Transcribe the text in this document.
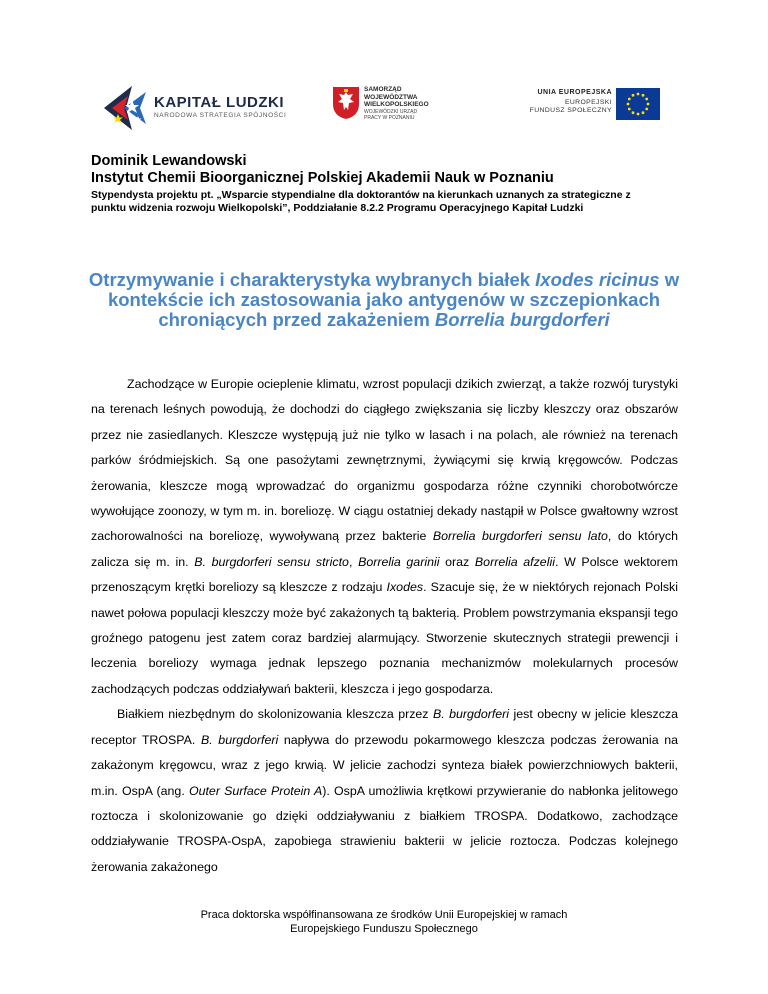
KAPITAŁ LUDZKI
NARODOWA STRATEGIA SPÓJNOŚCI
SAMORZĄD WOJEWÓDZTWA WIELKOPOLSKIEGO
WOJEWÓDZKI URZĄD PRACY W POZNANIU
UNIA EUROPEJSKA
EUROPEJSKI
FUNDUSZ SPOŁECZNY
Dominik Lewandowski
Instytut Chemii Bioorganicznej Polskiej Akademii Nauk w Poznaniu
Stypendysta projektu pt. „Wsparcie stypendialne dla doktorantów na kierunkach uznanych za strategiczne z punktu widzenia rozwoju Wielkopolski”, Poddziałanie 8.2.2 Programu Operacyjnego Kapitał Ludzki
Otrzymywanie i charakterystyka wybranych białek Ixodes ricinus w kontekście ich zastosowania jako antygenów w szczepionkach chroniących przed zakażeniem Borrelia burgdorferi

Zachodzące w Europie ocieplenie klimatu, wzrost populacji dzikich zwierząt, a także rozwój turystyki na terenach leśnych powodują, że dochodzi do ciągłego zwiększania się liczby kleszczy oraz obszarów przez nie zasiedlanych. Kleszcze występują już nie tylko w lasach i na polach, ale również na terenach parków śródmiejskich. Są one pasożytami zewnętrznymi, żywiącymi się krwią kręgowców. Podczas żerowania, kleszcze mogą wprowadzać do organizmu gospodarza różne czynniki chorobotwórcze wywołujące zoonozy, w tym m. in. boreliozę. W ciągu ostatniej dekady nastąpił w Polsce gwałtowny wzrost zachorowalności na boreliozę, wywoływaną przez bakterie Borrelia burgdorferi sensu lato, do których zalicza się m. in. B. burgdorferi sensu stricto, Borrelia garinii oraz Borrelia afzelii. W Polsce wektorem przenoszącym krętki boreliozy są kleszcze z rodzaju Ixodes. Szacuje się, że w niektórych rejonach Polski nawet połowa populacji kleszczy może być zakażonych tą bakterią. Problem powstrzymania ekspansji tego groźnego patogenu jest zatem coraz bardziej alarmujący. Stworzenie skutecznych strategii prewencji i leczenia boreliozy wymaga jednak lepszego poznania mechanizmów molekularnych procesów zachodzących podczas oddziaływań bakterii, kleszcza i jego gospodarza.

Białkiem niezbędnym do skolonizowania kleszcza przez B. burgdorferi jest obecny w jelicie kleszcza receptor TROSPA. B. burgdorferi napływa do przewodu pokarmowego kleszcza podczas żerowania na zakażonym kręgowcu, wraz z jego krwią. W jelicie zachodzi synteza białek powierzchniowych bakterii, m.in. OspA (ang. Outer Surface Protein A). OspA umożliwia krętkowi przywieranie do nabłonka jelitowego roztocza i skolonizowanie go dzięki oddziaływaniu z białkiem TROSPA. Dodatkowo, zachodzące oddziaływanie TROSPA-OspA, zapobiega strawieniu bakterii w jelicie roztocza. Podczas kolejnego żerowania zakażonego

Praca doktorska współfinansowana ze środków Unii Europejskiej w ramach
Europejskiego Funduszu Społecznego
